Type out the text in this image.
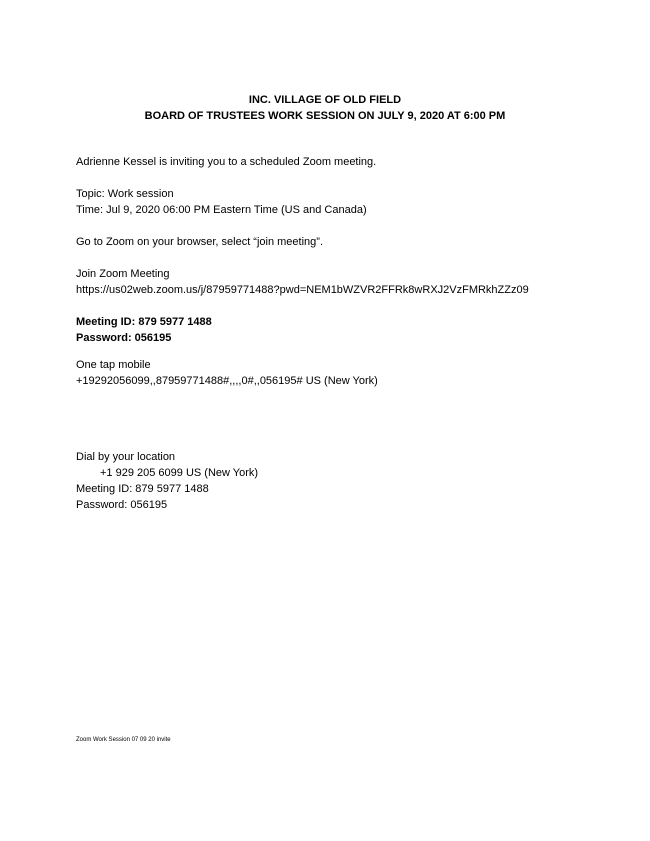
INC. VILLAGE OF OLD FIELD
BOARD OF TRUSTEES WORK SESSION ON JULY 9, 2020 AT 6:00 PM
Adrienne Kessel is inviting you to a scheduled Zoom meeting.
Topic: Work session
Time: Jul 9, 2020 06:00 PM Eastern Time (US and Canada)
Go to Zoom on your browser, select “join meeting”.
Join Zoom Meeting
https://us02web.zoom.us/j/87959771488?pwd=NEM1bWZVR2FFRk8wRXJ2VzFMRkhZZz09
Meeting ID: 879 5977 1488
Password: 056195
One tap mobile
+19292056099,,87959771488#,,,,0#,,056195# US (New York)
Dial by your location
+1 929 205 6099 US (New York)
Meeting ID: 879 5977 1488
Password: 056195
Zoom Work Session 07 09 20 invite
